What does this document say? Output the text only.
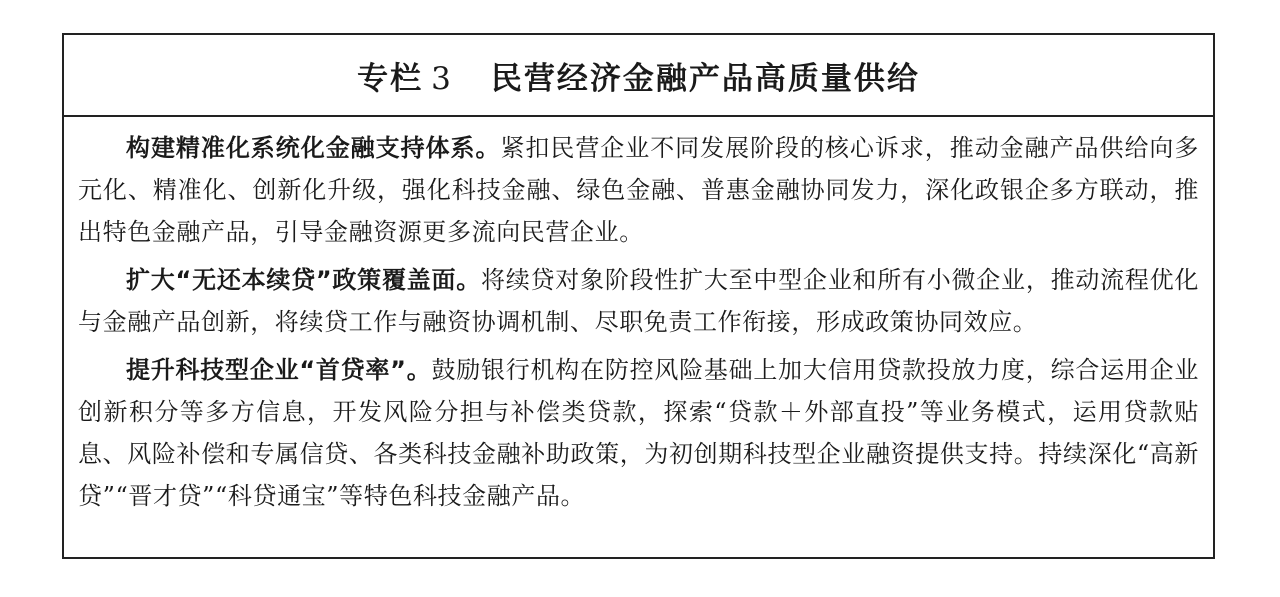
专栏 3 民营经济金融产品高质量供给

构建精准化系统化金融支持体系。紧扣民营企业不同发展阶段的核心诉求，推动金融产品供给向多元化、精准化、创新化升级，强化科技金融、绿色金融、普惠金融协同发力，深化政银企多方联动，推出特色金融产品，引导金融资源更多流向民营企业。

扩大“无还本续贷”政策覆盖面。将续贷对象阶段性扩大至中型企业和所有小微企业，推动流程优化与金融产品创新，将续贷工作与融资协调机制、尽职免责工作衔接，形成政策协同效应。

提升科技型企业“首贷率”。鼓励银行机构在防控风险基础上加大信用贷款投放力度，综合运用企业创新积分等多方信息，开发风险分担与补偿类贷款，探索“贷款＋外部直投”等业务模式，运用贷款贴息、风险补偿和专属信贷、各类科技金融补助政策，为初创期科技型企业融资提供支持。持续深化“高新贷”“晋才贷”“科贷通宝”等特色科技金融产品。
